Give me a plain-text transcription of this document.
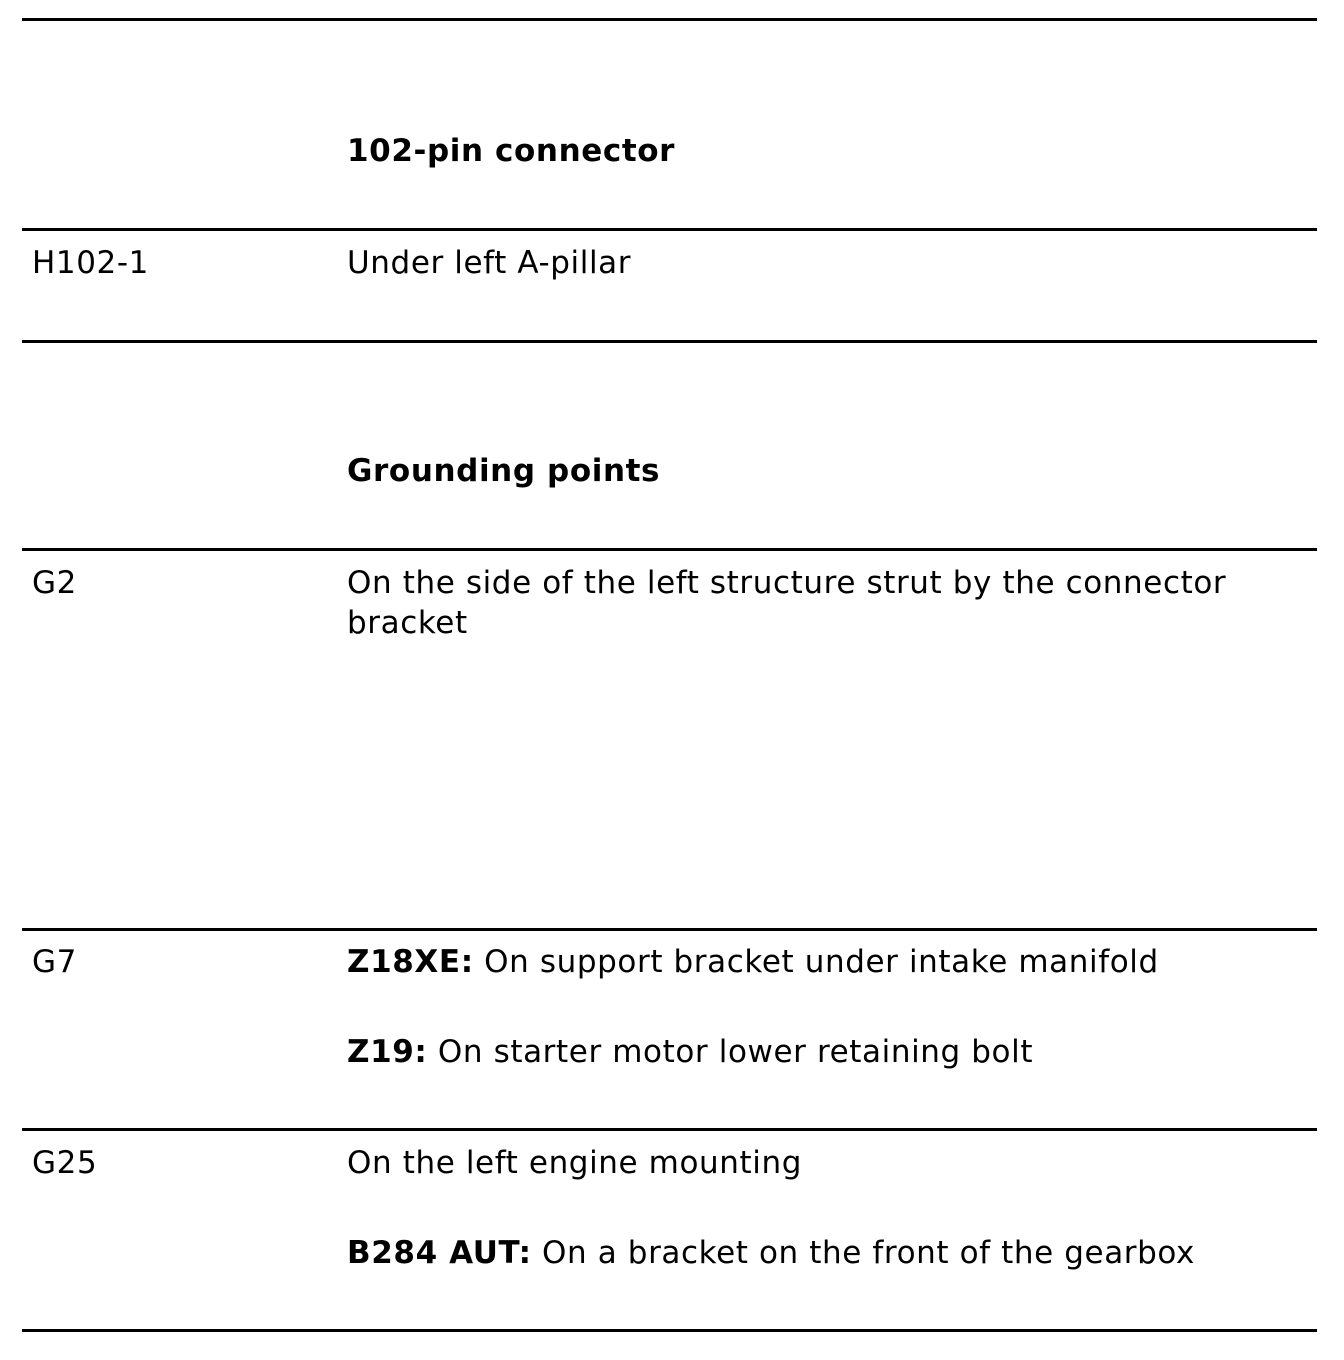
102-pin connector
H102-1	Under left A-pillar
Grounding points
G2	On the side of the left structure strut by the connector bracket
G7	Z18XE: On support bracket under intake manifold
Z19: On starter motor lower retaining bolt
G25	On the left engine mounting
B284 AUT: On a bracket on the front of the gearbox
